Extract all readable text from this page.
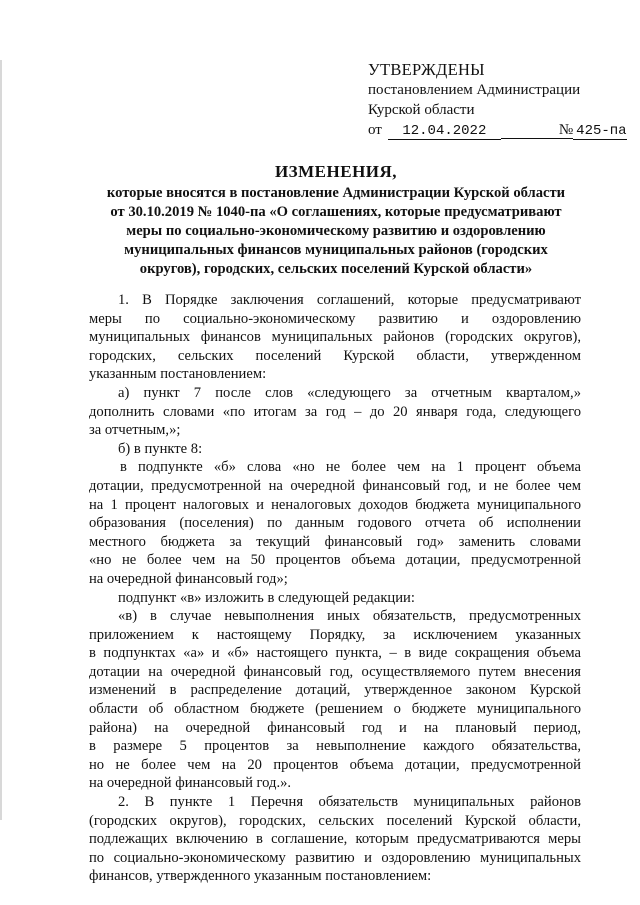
УТВЕРЖДЕНЫ
постановлением Администрации
Курской области
от 12.04.2022	№ 425-па
ИЗМЕНЕНИЯ,
которые вносятся в постановление Администрации Курской области
от 30.10.2019 № 1040-па «О соглашениях, которые предусматривают
меры по социально-экономическому развитию и оздоровлению
муниципальных финансов муниципальных районов (городских
округов), городских, сельских поселений Курской области»
1. В Порядке заключения соглашений, которые предусматривают
меры по социально-экономическому развитию и оздоровлению
муниципальных финансов муниципальных районов (городских округов),
городских, сельских поселений Курской области, утвержденном
указанным постановлением:
а) пункт 7 после слов «следующего за отчетным кварталом,»
дополнить словами «по итогам за год – до 20 января года, следующего
за отчетным,»;
б) в пункте 8:
в подпункте «б» слова «но не более чем на 1 процент объема
дотации, предусмотренной на очередной финансовый год, и не более чем
на 1 процент налоговых и неналоговых доходов бюджета муниципального
образования (поселения) по данным годового отчета об исполнении
местного бюджета за текущий финансовый год» заменить словами
«но не более чем на 50 процентов объема дотации, предусмотренной
на очередной финансовый год»;
подпункт «в» изложить в следующей редакции:
«в) в случае невыполнения иных обязательств, предусмотренных
приложением к настоящему Порядку, за исключением указанных
в подпунктах «а» и «б» настоящего пункта, – в виде сокращения объема
дотации на очередной финансовый год, осуществляемого путем внесения
изменений в распределение дотаций, утвержденное законом Курской
области об областном бюджете (решением о бюджете муниципального
района) на очередной финансовый год и на плановый период,
в размере 5 процентов за невыполнение каждого обязательства,
но не более чем на 20 процентов объема дотации, предусмотренной
на очередной финансовый год.».
2. В пункте 1 Перечня обязательств муниципальных районов
(городских округов), городских, сельских поселений Курской области,
подлежащих включению в соглашение, которым предусматриваются меры
по социально-экономическому развитию и оздоровлению муниципальных
финансов, утвержденного указанным постановлением:
